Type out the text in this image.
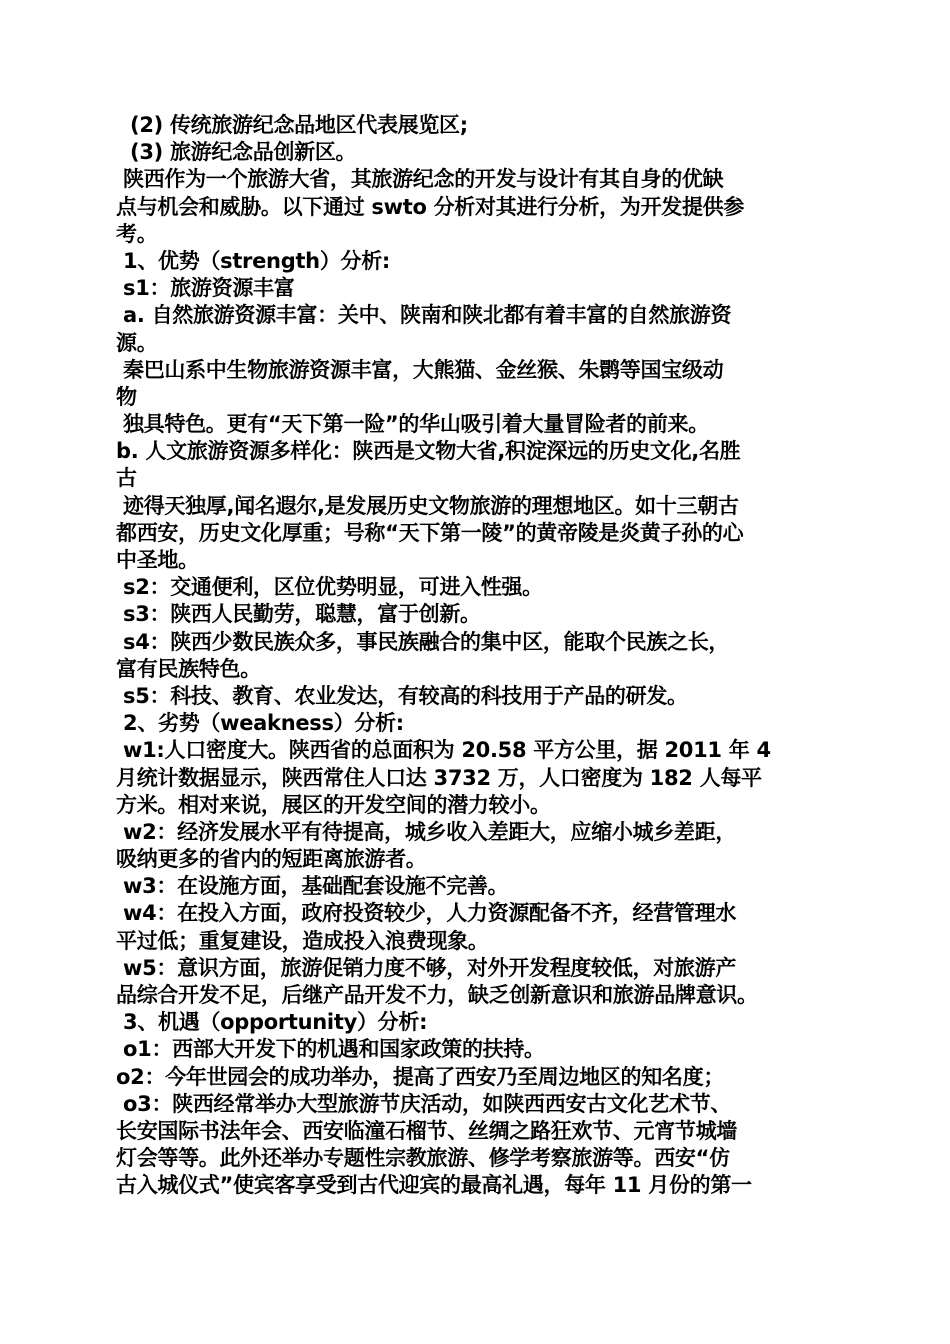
(2) 传统旅游纪念品地区代表展览区;
(3) 旅游纪念品创新区。
陕西作为一个旅游大省，其旅游纪念的开发与设计有其自身的优缺
点与机会和威胁。以下通过 swto 分析对其进行分析，为开发提供参
考。
1、优势（strength）分析:
s1：旅游资源丰富
a. 自然旅游资源丰富：关中、陕南和陕北都有着丰富的自然旅游资
源。
秦巴山系中生物旅游资源丰富，大熊猫、金丝猴、朱鹮等国宝级动
物
独具特色。更有“天下第一险”的华山吸引着大量冒险者的前来。
b. 人文旅游资源多样化：陕西是文物大省,积淀深远的历史文化,名胜
古
迹得天独厚,闻名遐尔,是发展历史文物旅游的理想地区。如十三朝古
都西安，历史文化厚重；号称“天下第一陵”的黄帝陵是炎黄子孙的心
中圣地。
s2：交通便利，区位优势明显，可进入性强。
s3：陕西人民勤劳，聪慧，富于创新。
s4：陕西少数民族众多，事民族融合的集中区，能取个民族之长，
富有民族特色。
s5：科技、教育、农业发达，有较高的科技用于产品的研发。
2、劣势（weakness）分析:
w1:人口密度大。陕西省的总面积为 20.58 平方公里，据 2011 年 4
月统计数据显示，陕西常住人口达 3732 万，人口密度为 182 人每平
方米。相对来说，展区的开发空间的潜力较小。
w2：经济发展水平有待提高，城乡收入差距大，应缩小城乡差距，
吸纳更多的省内的短距离旅游者。
w3：在设施方面，基础配套设施不完善。
w4：在投入方面，政府投资较少，人力资源配备不齐，经营管理水
平过低；重复建设，造成投入浪费现象。
w5：意识方面，旅游促销力度不够，对外开发程度较低，对旅游产
品综合开发不足，后继产品开发不力，缺乏创新意识和旅游品牌意识。
3、机遇（opportunity）分析:
o1：西部大开发下的机遇和国家政策的扶持。
o2：今年世园会的成功举办，提高了西安乃至周边地区的知名度；
o3：陕西经常举办大型旅游节庆活动，如陕西西安古文化艺术节、
长安国际书法年会、西安临潼石榴节、丝绸之路狂欢节、元宵节城墙
灯会等等。此外还举办专题性宗教旅游、修学考察旅游等。西安“仿
古入城仪式”使宾客享受到古代迎宾的最高礼遇，每年 11 月份的第一
